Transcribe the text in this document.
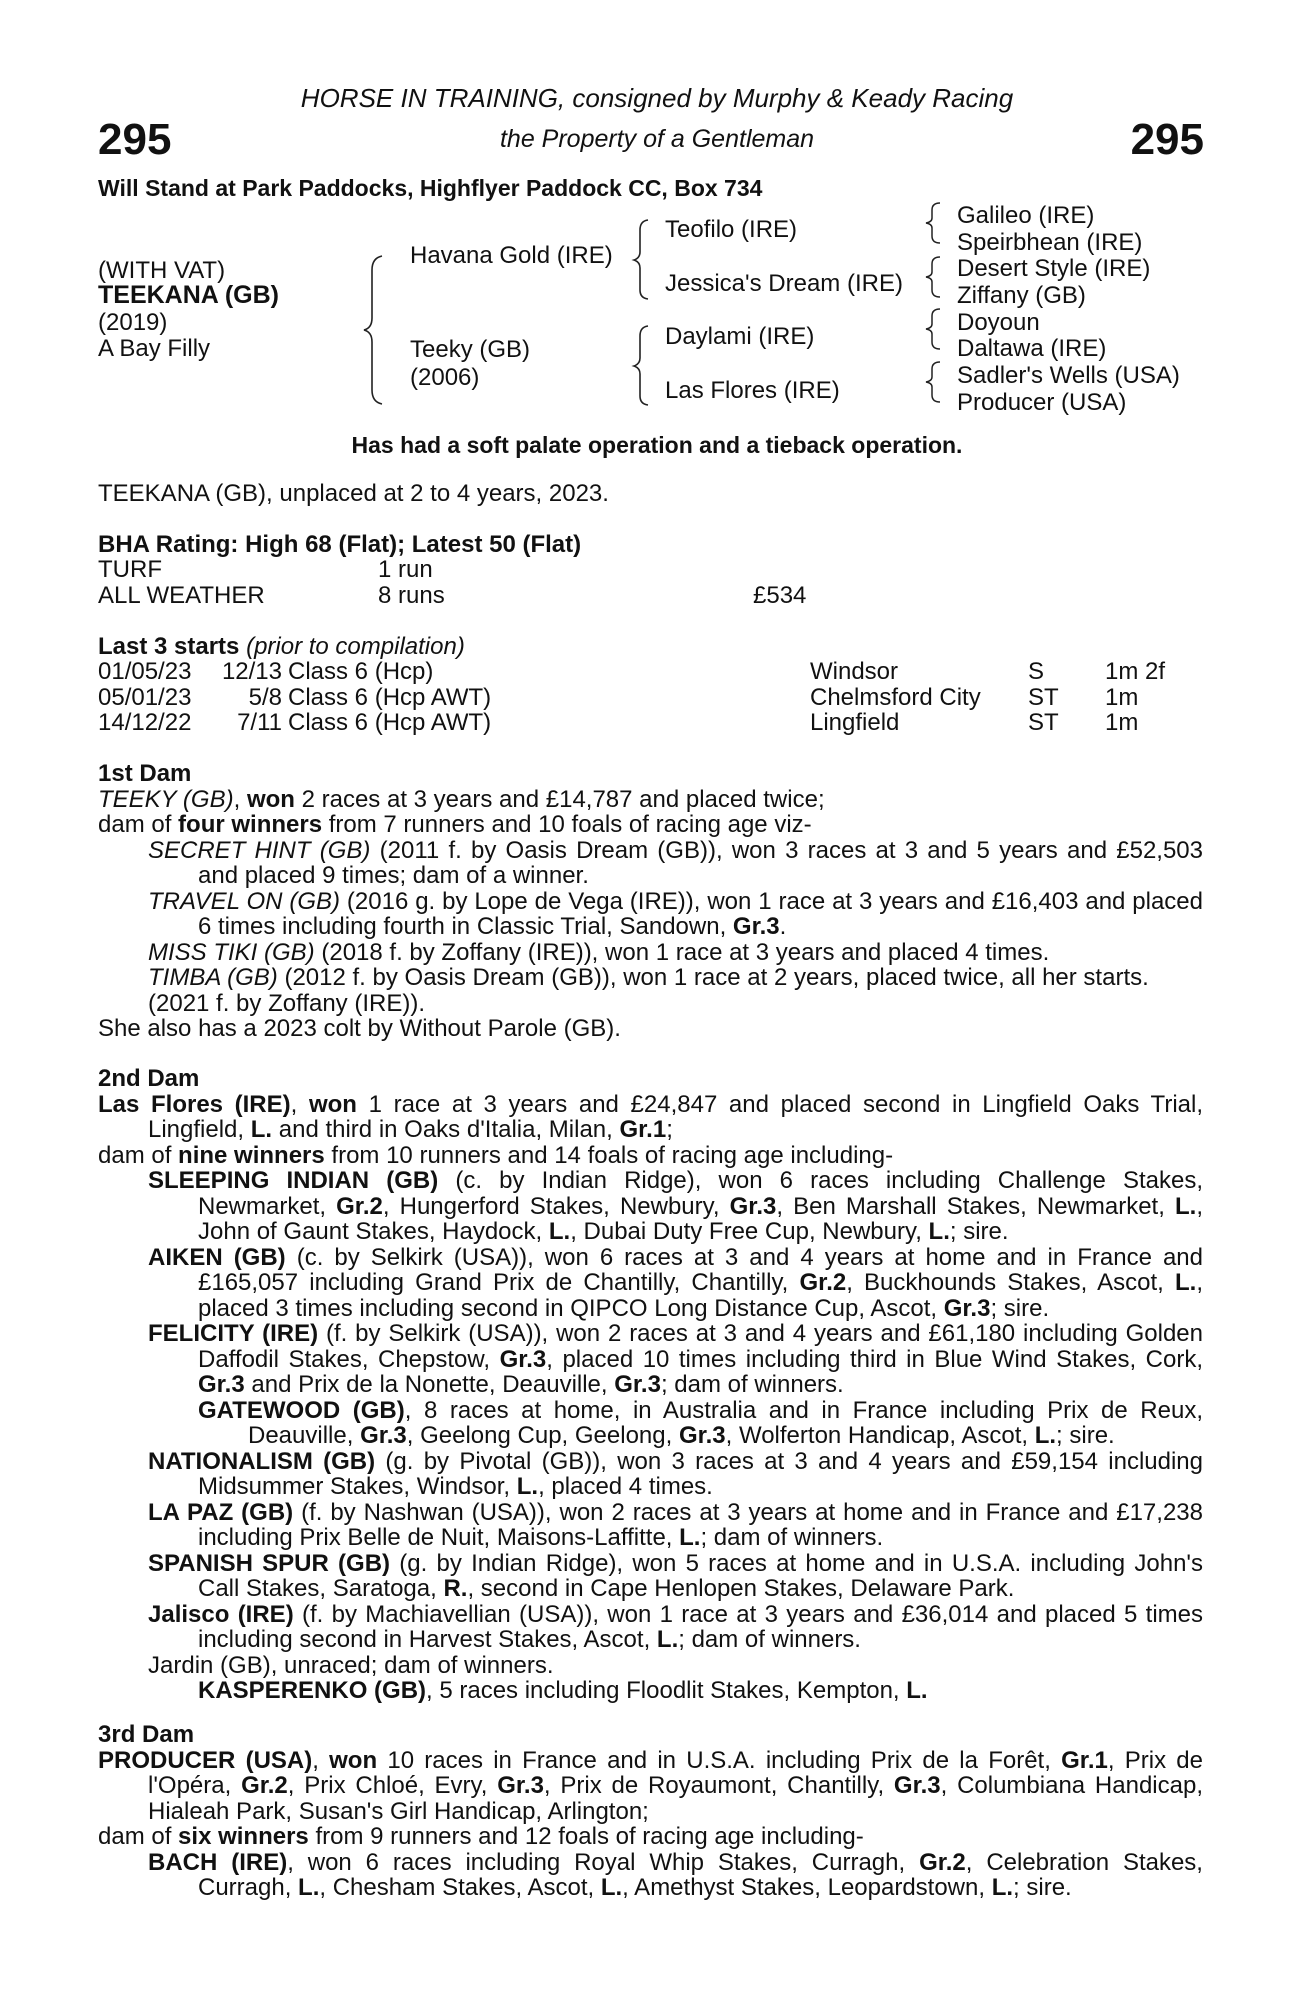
295	295
HORSE IN TRAINING, consigned by Murphy & Keady Racing
the Property of a Gentleman
Will Stand at Park Paddocks, Highflyer Paddock CC, Box 734
(WITH VAT)
TEEKANA (GB)
(2019)
A Bay Filly
Havana Gold (IRE)
Teeky (GB)
(2006)
Teofilo (IRE)
Jessica's Dream (IRE)
Daylami (IRE)
Las Flores (IRE)
Galileo (IRE)
Speirbhean (IRE)
Desert Style (IRE)
Ziffany (GB)
Doyoun
Daltawa (IRE)
Sadler's Wells (USA)
Producer (USA)
Has had a soft palate operation and a tieback operation.
TEEKANA (GB), unplaced at 2 to 4 years, 2023.
BHA Rating: High 68 (Flat); Latest 50 (Flat)
TURF	1 run
ALL WEATHER	8 runs	£534
Last 3 starts (prior to compilation)
01/05/23	12/13 Class 6 (Hcp)	Windsor	S	1m 2f
05/01/23	5/8 Class 6 (Hcp AWT)	Chelmsford City ST 1m
14/12/22	7/11 Class 6 (Hcp AWT)	Lingfield	ST 1m
1st Dam
TEEKY (GB), won 2 races at 3 years and £14,787 and placed twice;
dam of four winners from 7 runners and 10 foals of racing age viz-
SECRET HINT (GB) (2011 f. by Oasis Dream (GB)), won 3 races at 3 and 5 years and £52,503 and placed 9 times; dam of a winner.
TRAVEL ON (GB) (2016 g. by Lope de Vega (IRE)), won 1 race at 3 years and £16,403 and placed 6 times including fourth in Classic Trial, Sandown, Gr.3.
MISS TIKI (GB) (2018 f. by Zoffany (IRE)), won 1 race at 3 years and placed 4 times.
TIMBA (GB) (2012 f. by Oasis Dream (GB)), won 1 race at 2 years, placed twice, all her starts.
(2021 f. by Zoffany (IRE)).
She also has a 2023 colt by Without Parole (GB).
2nd Dam
Las Flores (IRE), won 1 race at 3 years and £24,847 and placed second in Lingfield Oaks Trial, Lingfield, L. and third in Oaks d'Italia, Milan, Gr.1;
dam of nine winners from 10 runners and 14 foals of racing age including-
SLEEPING INDIAN (GB) (c. by Indian Ridge), won 6 races including Challenge Stakes, Newmarket, Gr.2, Hungerford Stakes, Newbury, Gr.3, Ben Marshall Stakes, Newmarket, L., John of Gaunt Stakes, Haydock, L., Dubai Duty Free Cup, Newbury, L.; sire.
AIKEN (GB) (c. by Selkirk (USA)), won 6 races at 3 and 4 years at home and in France and £165,057 including Grand Prix de Chantilly, Chantilly, Gr.2, Buckhounds Stakes, Ascot, L., placed 3 times including second in QIPCO Long Distance Cup, Ascot, Gr.3; sire.
FELICITY (IRE) (f. by Selkirk (USA)), won 2 races at 3 and 4 years and £61,180 including Golden Daffodil Stakes, Chepstow, Gr.3, placed 10 times including third in Blue Wind Stakes, Cork, Gr.3 and Prix de la Nonette, Deauville, Gr.3; dam of winners.
GATEWOOD (GB), 8 races at home, in Australia and in France including Prix de Reux, Deauville, Gr.3, Geelong Cup, Geelong, Gr.3, Wolferton Handicap, Ascot, L.; sire.
NATIONALISM (GB) (g. by Pivotal (GB)), won 3 races at 3 and 4 years and £59,154 including Midsummer Stakes, Windsor, L., placed 4 times.
LA PAZ (GB) (f. by Nashwan (USA)), won 2 races at 3 years at home and in France and £17,238 including Prix Belle de Nuit, Maisons-Laffitte, L.; dam of winners.
SPANISH SPUR (GB) (g. by Indian Ridge), won 5 races at home and in U.S.A. including John's Call Stakes, Saratoga, R., second in Cape Henlopen Stakes, Delaware Park.
Jalisco (IRE) (f. by Machiavellian (USA)), won 1 race at 3 years and £36,014 and placed 5 times including second in Harvest Stakes, Ascot, L.; dam of winners.
Jardin (GB), unraced; dam of winners.
KASPERENKO (GB), 5 races including Floodlit Stakes, Kempton, L.
3rd Dam
PRODUCER (USA), won 10 races in France and in U.S.A. including Prix de la Forêt, Gr.1, Prix de l'Opéra, Gr.2, Prix Chloé, Evry, Gr.3, Prix de Royaumont, Chantilly, Gr.3, Columbiana Handicap, Hialeah Park, Susan's Girl Handicap, Arlington;
dam of six winners from 9 runners and 12 foals of racing age including-
BACH (IRE), won 6 races including Royal Whip Stakes, Curragh, Gr.2, Celebration Stakes, Curragh, L., Chesham Stakes, Ascot, L., Amethyst Stakes, Leopardstown, L.; sire.
